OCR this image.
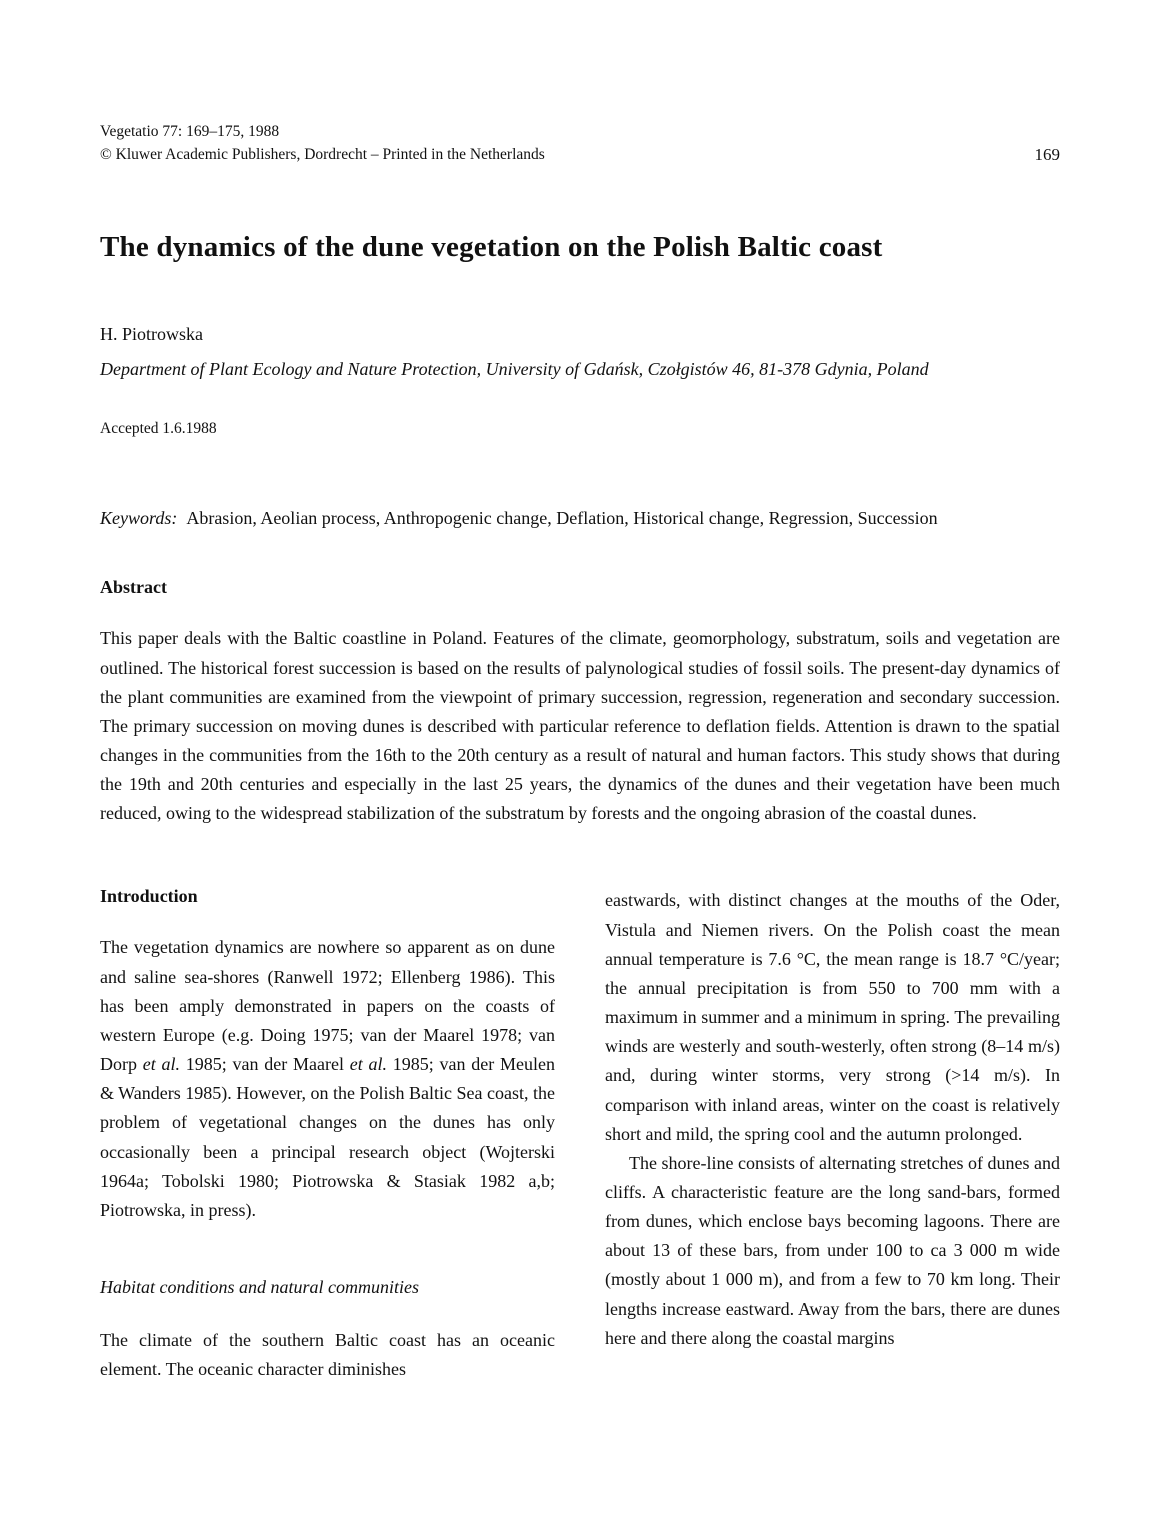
Vegetatio 77: 169–175, 1988
© Kluwer Academic Publishers, Dordrecht – Printed in the Netherlands	169
The dynamics of the dune vegetation on the Polish Baltic coast
H. Piotrowska
Department of Plant Ecology and Nature Protection, University of Gdańsk, Czołgistów 46, 81-378 Gdynia, Poland
Accepted 1.6.1988

Keywords: Abrasion, Aeolian process, Anthropogenic change, Deflation, Historical change, Regression, Succession

Abstract

This paper deals with the Baltic coastline in Poland. Features of the climate, geomorphology, substratum, soils and vegetation are outlined. The historical forest succession is based on the results of palynological studies of fossil soils. The present-day dynamics of the plant communities are examined from the viewpoint of primary succession, regression, regeneration and secondary succession. The primary succession on moving dunes is described with particular reference to deflation fields. Attention is drawn to the spatial changes in the communities from the 16th to the 20th century as a result of natural and human factors. This study shows that during the 19th and 20th centuries and especially in the last 25 years, the dynamics of the dunes and their vegetation have been much reduced, owing to the widespread stabilization of the substratum by forests and the ongoing abrasion of the coastal dunes.

Introduction

The vegetation dynamics are nowhere so apparent as on dune and saline sea-shores (Ranwell 1972; Ellenberg 1986). This has been amply demonstrated in papers on the coasts of western Europe (e.g. Doing 1975; van der Maarel 1978; van Dorp et al. 1985; van der Maarel et al. 1985; van der Meulen & Wanders 1985). However, on the Polish Baltic Sea coast, the problem of vegetational changes on the dunes has only occasionally been a principal research object (Wojterski 1964a; Tobolski 1980; Piotrowska & Stasiak 1982 a,b; Piotrowska, in press).

Habitat conditions and natural communities

The climate of the southern Baltic coast has an oceanic element. The oceanic character diminishes

eastwards, with distinct changes at the mouths of the Oder, Vistula and Niemen rivers. On the Polish coast the mean annual temperature is 7.6 °C, the mean range is 18.7 °C/year; the annual precipitation is from 550 to 700 mm with a maximum in summer and a minimum in spring. The prevailing winds are westerly and south-westerly, often strong (8–14 m/s) and, during winter storms, very strong (>14 m/s). In comparison with inland areas, winter on the coast is relatively short and mild, the spring cool and the autumn prolonged.

The shore-line consists of alternating stretches of dunes and cliffs. A characteristic feature are the long sand-bars, formed from dunes, which enclose bays becoming lagoons. There are about 13 of these bars, from under 100 to ca 3 000 m wide (mostly about 1 000 m), and from a few to 70 km long. Their lengths increase eastward. Away from the bars, there are dunes here and there along the coastal margins
